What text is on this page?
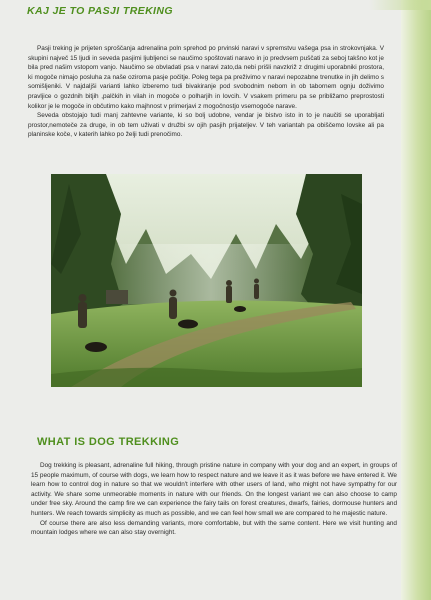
KAJ JE TO PASJI TREKING

Pasji treking je prijeten sproščanja adrenalina poln sprehod po prvinski naravi v spremstvu vašega psa in strokovnjaka. V skupini največ 15 ljudi in seveda pasjimi ljubljenci se naučimo spoštovati naravo in jo predvsem puščati za seboj takšno kot je bila pred našim vstopom vanjo. Naučimo se obvladati psa v naravi zato,da nebi prišli navzkriž z drugimi uporabniki prostora, ki mogoče nimajo posluha za naše oziroma pasje počitje. Poleg tega pa preživimo v naravi nepozabne trenutke in jih delimo s somišljeniki. V najdaljši varianti lahko izberemo tudi bivakiranje pod svobodnim nebom in ob tabornem ognju doživimo pravljice o gozdnih bitjih ,palčkih in vilah in mogoče o polharjih in lovcih. V vsakem primeru pa se približamo preprostosti kolikor je le mogoče in občutimo kako majhnost v primerjavi z mogočnostjo vsemogoče narave.

Seveda obstojajo tudi manj zahtevne variante, ki so bolj udobne, vendar je bistvo isto in to je naučiti se uporabljati prostor,nemoteče za druge, in ob tem uživati v družbi sv ojih pasjih prijateljev. V teh variantah pa obiščemo lovske ali pa planinske koče, v katerih lahko po želji tudi prenočimo.

WHAT IS DOG TREKKING

Dog trekking is pleasant, adrenaline full hiking, through pristine nature in company with your dog and an expert, in groups of 15 people maximum, of course with dogs, we learn how to respect nature and we leave it as it was before we have entered it. We learn how to control dog in nature so that we wouldn't interfere with other users of land, who might not have sympathy for our activity. We share some unmeorable moments in nature with our friends. On the longest variant we can also choose to camp under free sky. Around the camp fire we can experience the fairy tails on forest creatures, dwarfs, fairies, dormouse hunters and hunters. We reach towards simplicity as much as possible, and we can feel how small we are compared to he majestic nature.

Of course there are also less demanding variants, more comfortable, but with the same content. Here we visit hunting and mountain lodges where we can also stay overnight.
